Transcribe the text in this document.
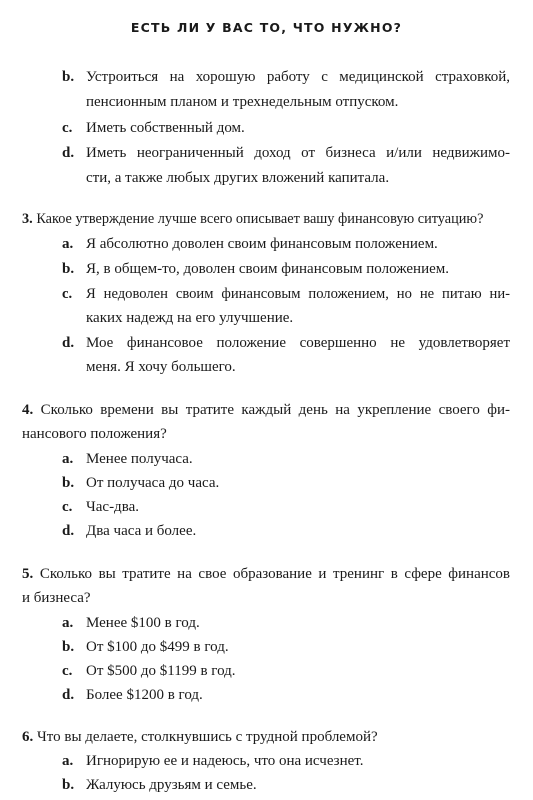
ЕСТЬ ЛИ У ВАС ТО, ЧТО НУЖНО?
b. Устроиться на хорошую работу с медицинской страховкой,
пенсионным планом и трехнедельным отпуском.
c. Иметь собственный дом.
d. Иметь неограниченный доход от бизнеса и/или недвижимо-
сти, а также любых других вложений капитала.
3. Какое утверждение лучше всего описывает вашу финансовую ситуацию?
a. Я абсолютно доволен своим финансовым положением.
b. Я, в общем-то, доволен своим финансовым положением.
c. Я недоволен своим финансовым положением, но не питаю ни-
каких надежд на его улучшение.
d. Мое финансовое положение совершенно не удовлетворяет
меня. Я хочу большего.
4. Сколько времени вы тратите каждый день на укрепление своего фи-
нансового положения?
a. Менее получаса.
b. От получаса до часа.
c. Час-два.
d. Два часа и более.
5. Сколько вы тратите на свое образование и тренинг в сфере финансов
и бизнеса?
a. Менее $100 в год.
b. От $100 до $499 в год.
c. От $500 до $1199 в год.
d. Более $1200 в год.
6. Что вы делаете, столкнувшись с трудной проблемой?
a. Игнорирую ее и надеюсь, что она исчезнет.
b. Жалуюсь друзьям и семье.
